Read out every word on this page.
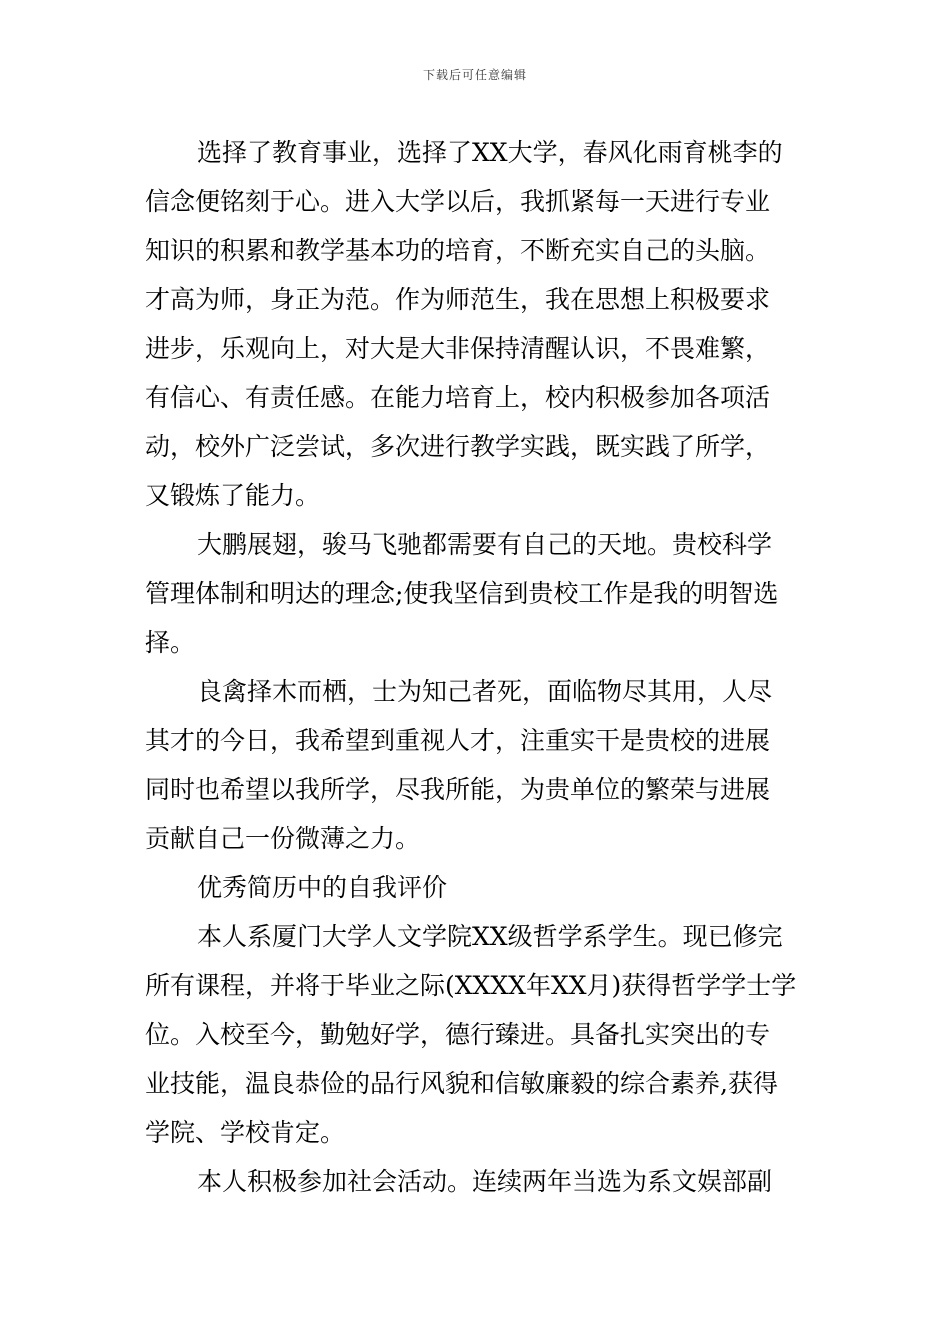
下载后可任意编辑
选择了教育事业，选择了XX大学，春风化雨育桃李的
信念便铭刻于心。进入大学以后，我抓紧每一天进行专业
知识的积累和教学基本功的培育，不断充实自己的头脑。
才高为师，身正为范。作为师范生，我在思想上积极要求
进步，乐观向上，对大是大非保持清醒认识，不畏难繁，
有信心、有责任感。在能力培育上，校内积极参加各项活
动，校外广泛尝试，多次进行教学实践，既实践了所学，
又锻炼了能力。
大鹏展翅，骏马飞驰都需要有自己的天地。贵校科学
管理体制和明达的理念;使我坚信到贵校工作是我的明智选
择。
良禽择木而栖，士为知己者死，面临物尽其用，人尽
其才的今日，我希望到重视人才，注重实干是贵校的进展
同时也希望以我所学，尽我所能，为贵单位的繁荣与进展
贡献自己一份微薄之力。
优秀简历中的自我评价
本人系厦门大学人文学院XX级哲学系学生。现已修完
所有课程，并将于毕业之际(XXXX年XX月)获得哲学学士学
位。入校至今，勤勉好学，德行臻进。具备扎实突出的专
业技能，温良恭俭的品行风貌和信敏廉毅的综合素养,获得
学院、学校肯定。
本人积极参加社会活动。连续两年当选为系文娱部副
